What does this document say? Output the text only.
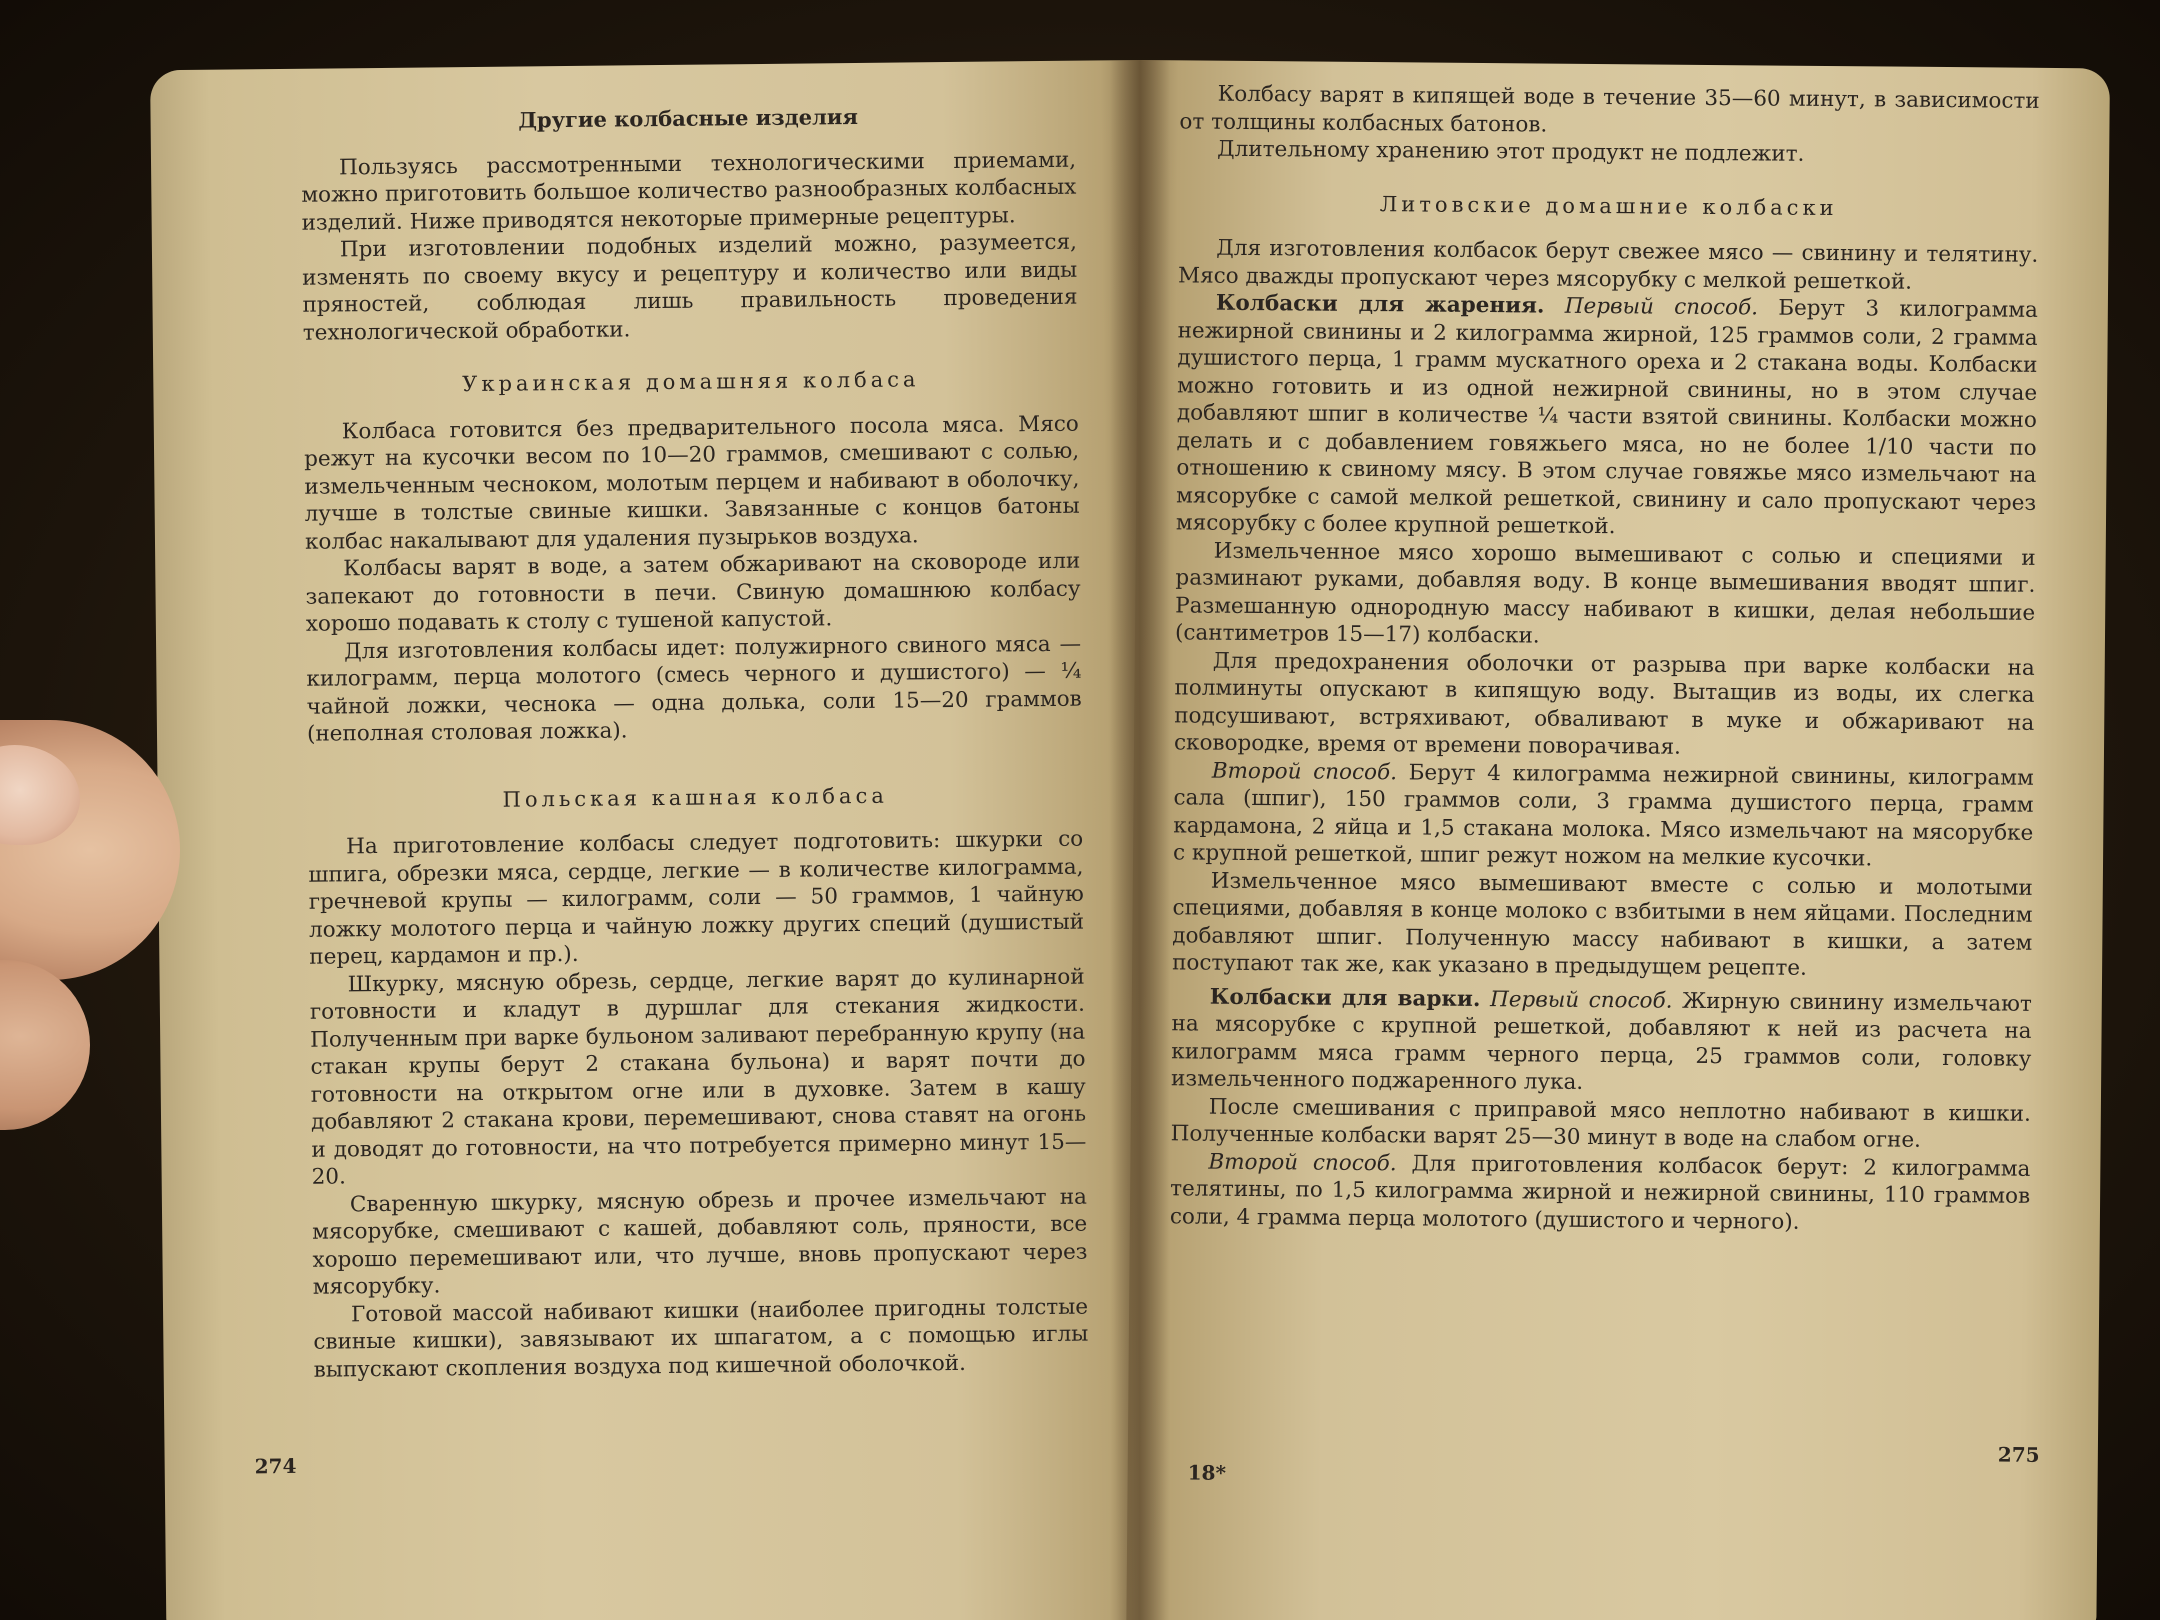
Другие колбасные изделия

Пользуясь рассмотренными технологическими приемами, можно приготовить большое количество разнообразных колбасных изделий. Ниже приводятся некоторые примерные рецептуры.

При изготовлении подобных изделий можно, разумеется, изменять по своему вкусу и рецептуру и количество или виды пряностей, соблюдая лишь правильность проведения технологической обработки.

Украинская домашняя колбаса

Колбаса готовится без предварительного посола мяса. Мясо режут на кусочки весом по 10—20 граммов, смешивают с солью, измельченным чесноком, молотым перцем и набивают в оболочку, лучше в толстые свиные кишки. Завязанные с концов батоны колбас накалывают для удаления пузырьков воздуха.

Колбасы варят в воде, а затем обжаривают на сковороде или запекают до готовности в печи. Свиную домашнюю колбасу хорошо подавать к столу с тушеной капустой.

Для изготовления колбасы идет: полужирного свиного мяса — килограмм, перца молотого (смесь черного и душистого) — ¼ чайной ложки, чеснока — одна долька, соли 15—20 граммов (неполная столовая ложка).

Польская кашная колбаса

На приготовление колбасы следует подготовить: шкурки со шпига, обрезки мяса, сердце, легкие — в количестве килограмма, гречневой крупы — килограмм, соли — 50 граммов, 1 чайную ложку молотого перца и чайную ложку других специй (душистый перец, кардамон и пр.).

Шкурку, мясную обрезь, сердце, легкие варят до кулинарной готовности и кладут в дуршлаг для стекания жидкости. Полученным при варке бульоном заливают перебранную крупу (на стакан крупы берут 2 стакана бульона) и варят почти до готовности на открытом огне или в духовке. Затем в кашу добавляют 2 стакана крови, перемешивают, снова ставят на огонь и доводят до готовности, на что потребуется примерно минут 15—20.

Сваренную шкурку, мясную обрезь и прочее измельчают на мясорубке, смешивают с кашей, добавляют соль, пряности, все хорошо перемешивают или, что лучше, вновь пропускают через мясорубку.

Готовой массой набивают кишки (наиболее пригодны толстые свиные кишки), завязывают их шпагатом, а с помощью иглы выпускают скопления воздуха под кишечной оболочкой.

274

Колбасу варят в кипящей воде в течение 35—60 минут, в зависимости от толщины колбасных батонов.

Длительному хранению этот продукт не подлежит.

Литовские домашние колбаски

Для изготовления колбасок берут свежее мясо — свинину и телятину. Мясо дважды пропускают через мясорубку с мелкой решеткой.

Колбаски для жарения. Первый способ. Берут 3 килограмма нежирной свинины и 2 килограмма жирной, 125 граммов соли, 2 грамма душистого перца, 1 грамм мускатного ореха и 2 стакана воды. Колбаски можно готовить и из одной нежирной свинины, но в этом случае добавляют шпиг в количестве ¼ части взятой свинины. Колбаски можно делать и с добавлением говяжьего мяса, но не более 1/10 части по отношению к свиному мясу. В этом случае говяжье мясо измельчают на мясорубке с самой мелкой решеткой, свинину и сало пропускают через мясорубку с более крупной решеткой.

Измельченное мясо хорошо вымешивают с солью и специями и разминают руками, добавляя воду. В конце вымешивания вводят шпиг. Размешанную однородную массу набивают в кишки, делая небольшие (сантиметров 15—17) колбаски.

Для предохранения оболочки от разрыва при варке колбаски на полминуты опускают в кипящую воду. Вытащив из воды, их слегка подсушивают, встряхивают, обваливают в муке и обжаривают на сковородке, время от времени поворачивая.

Второй способ. Берут 4 килограмма нежирной свинины, килограмм сала (шпиг), 150 граммов соли, 3 грамма душистого перца, грамм кардамона, 2 яйца и 1,5 стакана молока. Мясо измельчают на мясорубке с крупной решеткой, шпиг режут ножом на мелкие кусочки.

Измельченное мясо вымешивают вместе с солью и молотыми специями, добавляя в конце молоко с взбитыми в нем яйцами. Последним добавляют шпиг. Полученную массу набивают в кишки, а затем поступают так же, как указано в предыдущем рецепте.

Колбаски для варки. Первый способ. Жирную свинину измельчают на мясорубке с крупной решеткой, добавляют к ней из расчета на килограмм мяса грамм черного перца, 25 граммов соли, головку измельченного поджаренного лука.

После смешивания с приправой мясо неплотно набивают в кишки. Полученные колбаски варят 25—30 минут в воде на слабом огне.

Второй способ. Для приготовления колбасок берут: 2 килограмма телятины, по 1,5 килограмма жирной и нежирной свинины, 110 граммов соли, 4 грамма перца молотого (душистого и черного).

18*
275
